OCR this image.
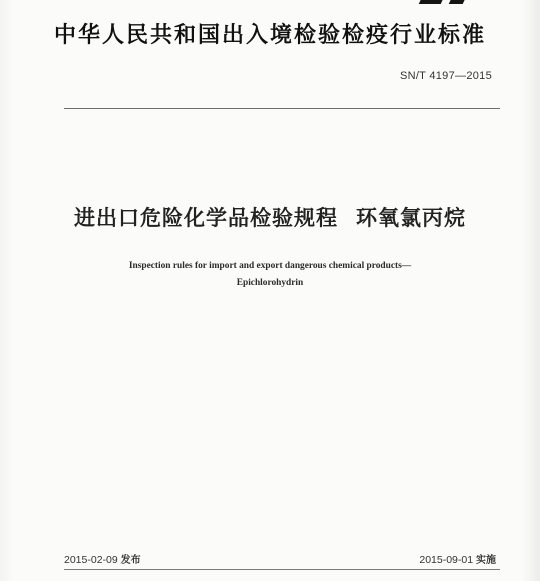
中华人民共和国出入境检验检疫行业标准
SN/T 4197—2015
进出口危险化学品检验规程 环氧氯丙烷
Inspection rules for import and export dangerous chemical products—
Epichlorohydrin
2015-02-09 发布	2015-09-01 实施
